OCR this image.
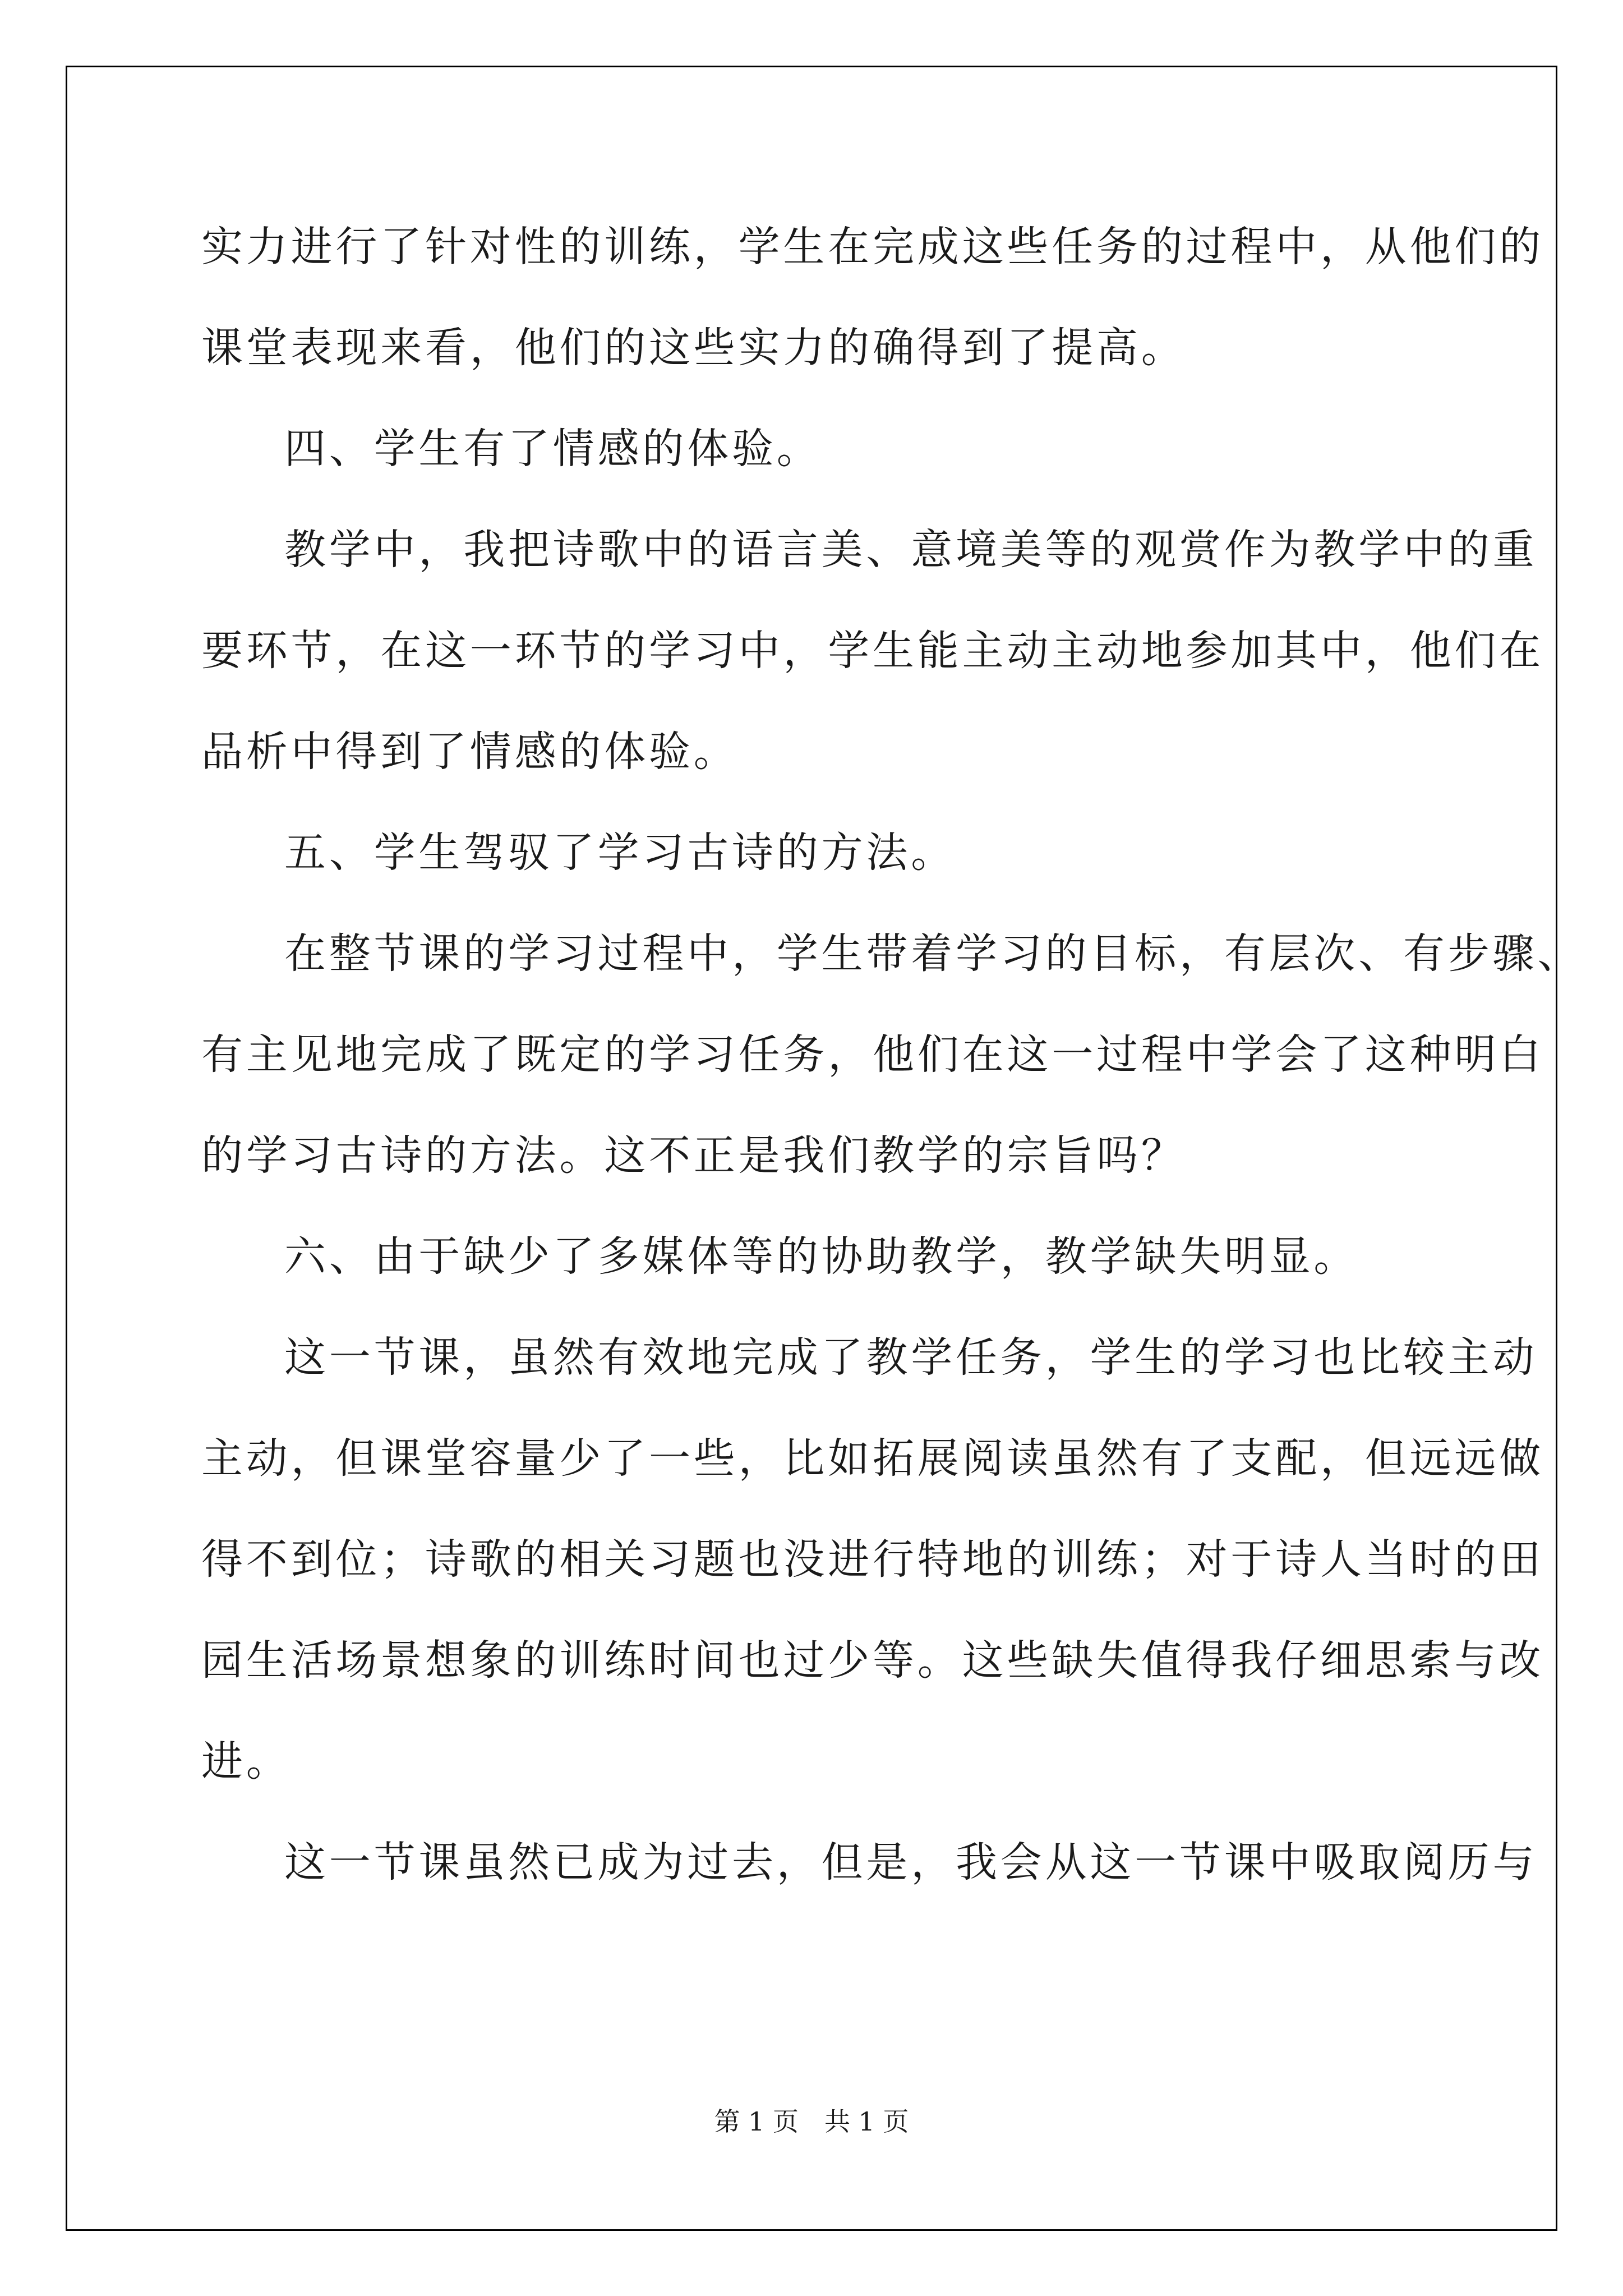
实力进行了针对性的训练，学生在完成这些任务的过程中，从他们的
课堂表现来看，他们的这些实力的确得到了提高。
四、学生有了情感的体验。
教学中，我把诗歌中的语言美、意境美等的观赏作为教学中的重
要环节，在这一环节的学习中，学生能主动主动地参加其中，他们在
品析中得到了情感的体验。
五、学生驾驭了学习古诗的方法。
在整节课的学习过程中，学生带着学习的目标，有层次、有步骤、
有主见地完成了既定的学习任务，他们在这一过程中学会了这种明白
的学习古诗的方法。这不正是我们教学的宗旨吗？
六、由于缺少了多媒体等的协助教学，教学缺失明显。
这一节课，虽然有效地完成了教学任务，学生的学习也比较主动
主动，但课堂容量少了一些，比如拓展阅读虽然有了支配，但远远做
得不到位；诗歌的相关习题也没进行特地的训练；对于诗人当时的田
园生活场景想象的训练时间也过少等。这些缺失值得我仔细思索与改
进。
这一节课虽然已成为过去，但是，我会从这一节课中吸取阅历与
第 1 页　共 1 页
